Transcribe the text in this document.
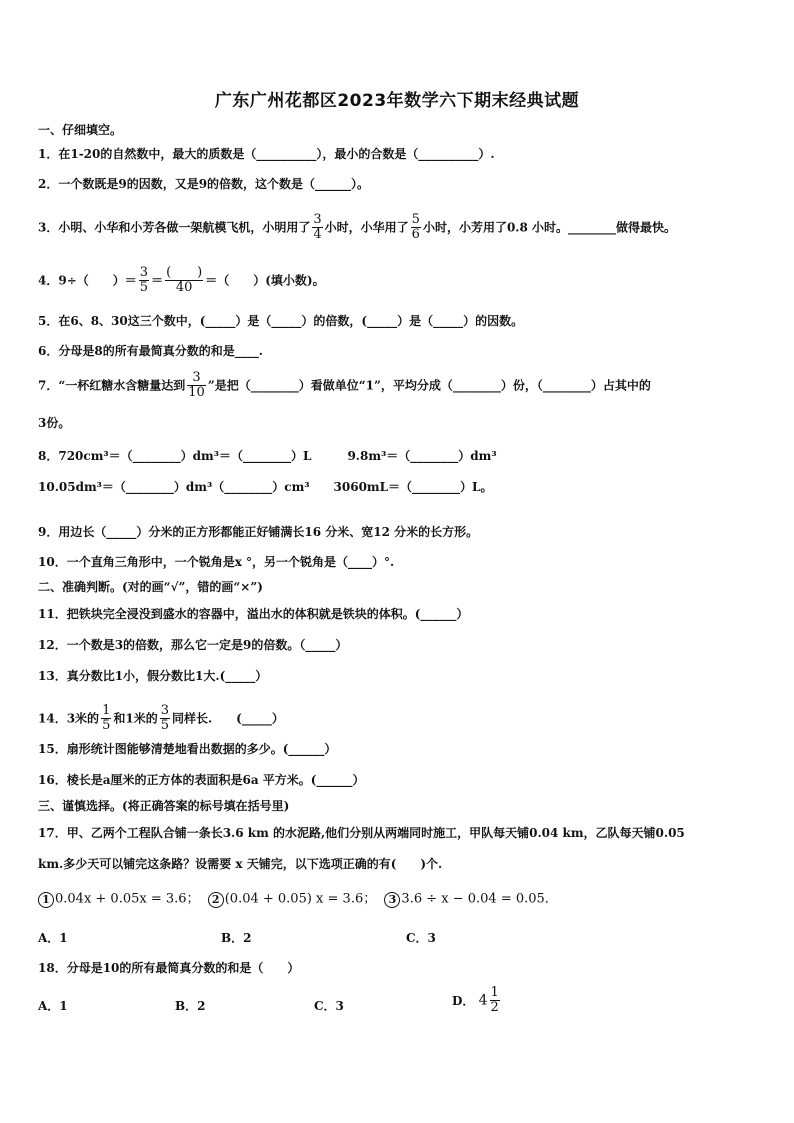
广东广州花都区2023年数学六下期末经典试题
一、仔细填空。
1．在1-20的自然数中，最大的质数是（__________），最小的合数是（__________）.
2．一个数既是9的因数，又是9的倍数，这个数是（______）。
3．小明、小华和小芳各做一架航模飞机，小明用了 $\frac{3}{4}$ 小时，小华用了 $\frac{5}{6}$ 小时，小芳用了0.8 小时。________做得最快。
4．9÷（　　）＝ $\frac{3}{5} = \frac{( )}{40}$ ＝（　　）(填小数)。
5．在6、8、30这三个数中，(_____）是（_____）的倍数，(_____）是（_____）的因数。
6．分母是8的所有最简真分数的和是____.
7．“一杯红糖水含糖量达到 $\frac{3}{10}$ ”是把（________）看做单位“1”，平均分成（________）份，（________）占其中的
3份。
8．720cm³＝（________）dm³＝（________）L　　　9.8m³＝（________）dm³
10.05dm³＝（________）dm³（________）cm³　　3060mL＝（________）L。
9．用边长（_____）分米的正方形都能正好铺满长16 分米、宽12 分米的长方形。
10．一个直角三角形中，一个锐角是x °，另一个锐角是（____）°.
二、准确判断。(对的画“√”，错的画“×”)
11．把铁块完全浸没到盛水的容器中，溢出水的体积就是铁块的体积。(______）
12．一个数是3的倍数，那么它一定是9的倍数。（_____）
13．真分数比1小，假分数比1大.(_____）
14．3米的 $\frac{1}{5}$ 和1米的 $\frac{3}{5}$ 同样长.　　(_____）
15．扇形统计图能够清楚地看出数据的多少。(______）
16．棱长是a厘米的正方体的表面积是6a 平方米。(______）
三、谨慎选择。(将正确答案的标号填在括号里)
17．甲、乙两个工程队合铺一条长3.6 km 的水泥路,他们分别从两端同时施工，甲队每天铺0.04 km，乙队每天铺0.05
km.多少天可以铺完这条路？设需要 x 天铺完，以下选项正确的有(　　)个.
1 0.04x + 0.05x = 3.6； 2 (0.04 + 0.05) x = 3.6； 3 3.6 ÷ x − 0.04 = 0.05．
A．1	B．2	C．3
18．分母是10的所有最简真分数的和是（　　）
A．1	B．2	C．3	D． $4 \frac{1}{2}$
